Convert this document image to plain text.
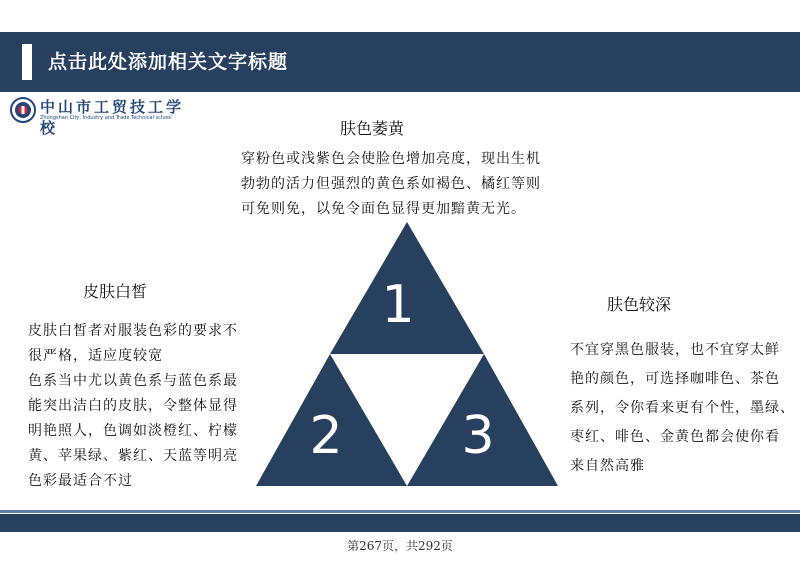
点击此处添加相关文字标题
中山市工贸技工学校
Zhongshan City, Industry and Trade Technical school
肤色萎黄
穿粉色或浅紫色会使脸色增加亮度，现出生机
勃勃的活力但强烈的黄色系如褐色、橘红等则
可免则免，以免令面色显得更加黯黄无光。
皮肤白皙
皮肤白皙者对服装色彩的要求不
很严格，适应度较宽
色系当中尤以黄色系与蓝色系最
能突出洁白的皮肤，令整体显得
明艳照人，色调如淡橙红、柠檬
黄、苹果绿、紫红、天蓝等明亮
色彩最适合不过
肤色较深
不宜穿黑色服装，也不宜穿太鲜
艳的颜色，可选择咖啡色、茶色
系列，令你看来更有个性，墨绿、
枣红、啡色、金黄色都会使你看
来自然高雅
1
2 3
第267页，共292页
